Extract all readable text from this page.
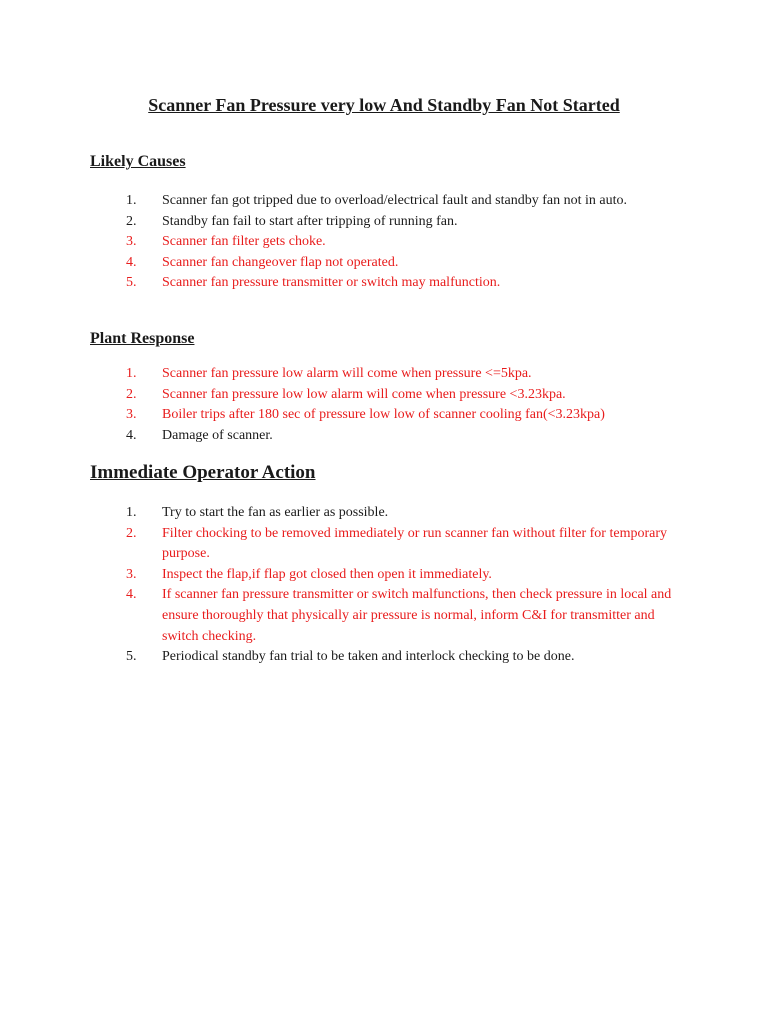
Scanner Fan Pressure very low And Standby Fan Not Started
Likely Causes
1. Scanner fan got tripped due to overload/electrical fault and standby fan not in auto.
2. Standby fan fail to start after tripping of running fan.
3. Scanner fan filter gets choke.
4. Scanner fan changeover flap not operated.
5. Scanner fan pressure transmitter or switch may malfunction.
Plant Response
1. Scanner fan pressure low alarm will come when pressure <=5kpa.
2. Scanner fan pressure low low alarm will come when pressure <3.23kpa.
3. Boiler trips after 180 sec of pressure low low of scanner cooling fan(<3.23kpa)
4. Damage of scanner.
Immediate Operator Action
1. Try to start the fan as earlier as possible.
2. Filter chocking to be removed immediately or run scanner fan without filter for temporary purpose.
3. Inspect the flap,if flap got closed then open it immediately.
4. If scanner fan pressure transmitter or switch malfunctions, then check pressure in local and ensure thoroughly that physically air pressure is normal, inform C&I for transmitter and switch checking.
5. Periodical standby fan trial to be taken and interlock checking to be done.
